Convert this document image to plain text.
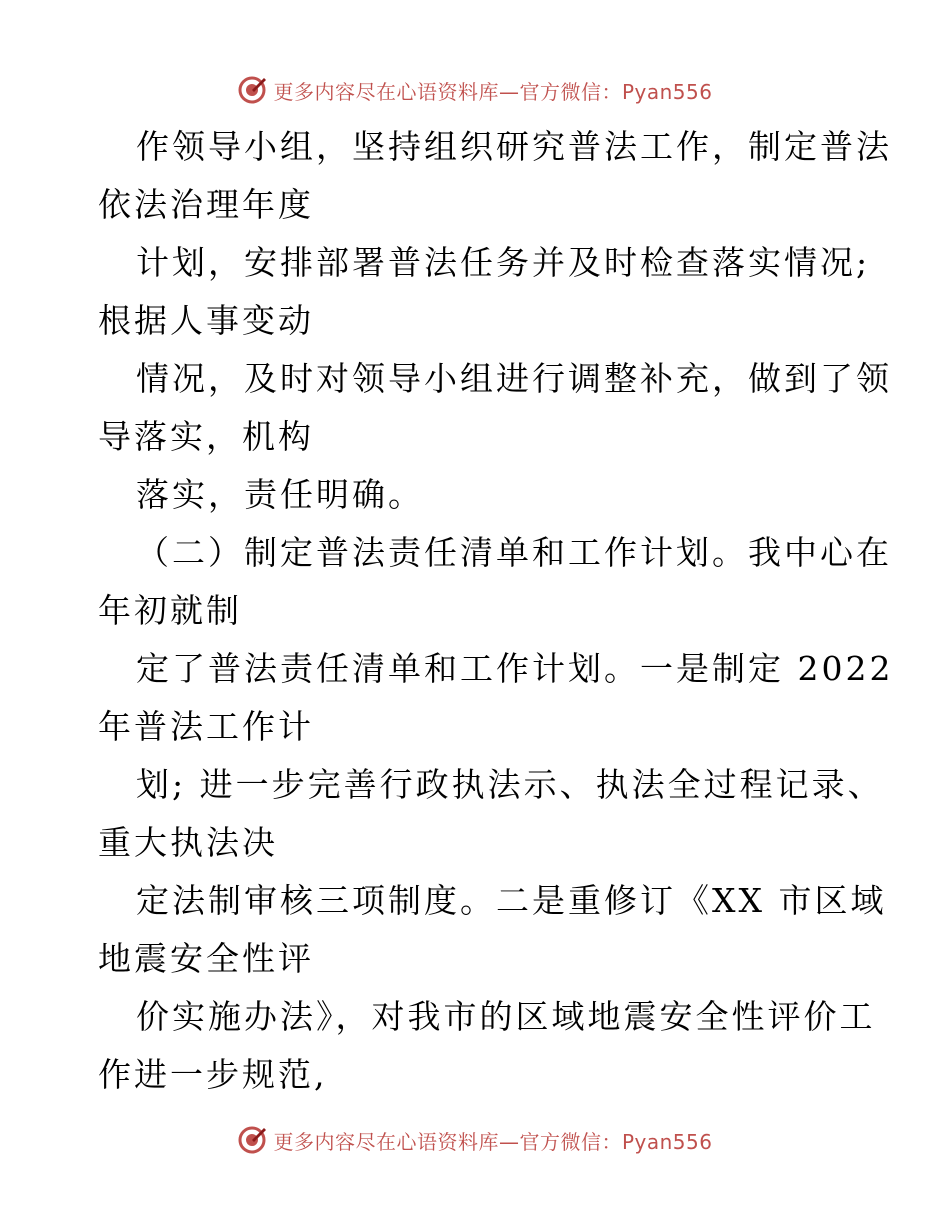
更多内容尽在心语资料库—官方微信：Pyan556
作领导小组，坚持组织研究普法工作，制定普法
依法治理年度
计划，安排部署普法任务并及时检查落实情况;
根据人事变动
情况，及时对领导小组进行调整补充，做到了领
导落实，机构
落实，责任明确。
（二）制定普法责任清单和工作计划。我中心在
年初就制
定了普法责任清单和工作计划。一是制定 2022
年普法工作计
划; 进一步完善行政执法示、执法全过程记录、
重大执法决
定法制审核三项制度。二是重修订《XX 市区域
地震安全性评
价实施办法》，对我市的区域地震安全性评价工
作进一步规范,
更多内容尽在心语资料库—官方微信：Pyan556
